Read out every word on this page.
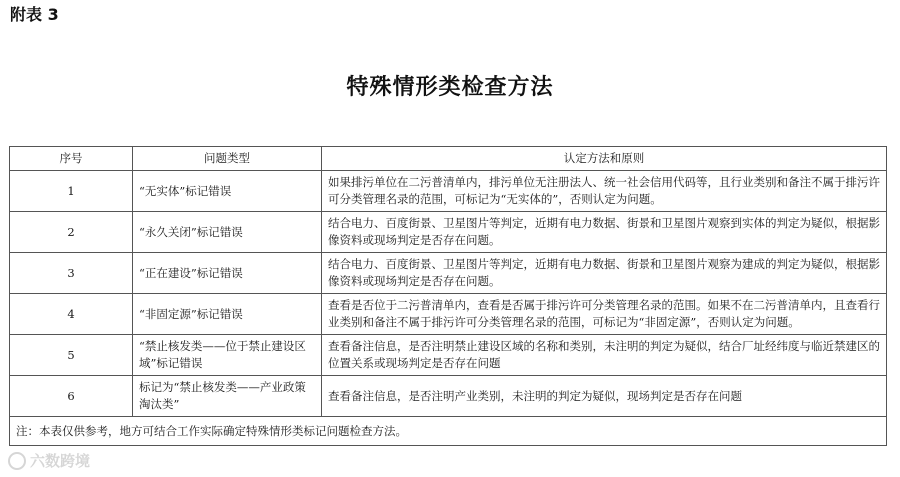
附表 3
特殊情形类检查方法
序号	问题类型	认定方法和原则
1	“无实体”标记错误	如果排污单位在二污普清单内，排污单位无注册法人、统一社会信用代码等，且行业类别和备注不属于排污许可分类管理名录的范围，可标记为“无实体的”，否则认定为问题。
2	“永久关闭”标记错误	结合电力、百度街景、卫星图片等判定，近期有电力数据、街景和卫星图片观察到实体的判定为疑似，根据影像资料或现场判定是否存在问题。
3	“正在建设”标记错误	结合电力、百度街景、卫星图片等判定，近期有电力数据、街景和卫星图片观察为建成的判定为疑似，根据影像资料或现场判定是否存在问题。
4	“非固定源”标记错误	查看是否位于二污普清单内，查看是否属于排污许可分类管理名录的范围。如果不在二污普清单内，且查看行业类别和备注不属于排污许可分类管理名录的范围，可标记为“非固定源”，否则认定为问题。
5	“禁止核发类——位于禁止建设区域”标记错误	查看备注信息，是否注明禁止建设区域的名称和类别，未注明的判定为疑似，结合厂址经纬度与临近禁建区的位置关系或现场判定是否存在问题
6	标记为“禁止核发类——产业政策淘汰类”	查看备注信息，是否注明产业类别，未注明的判定为疑似，现场判定是否存在问题
注：本表仅供参考，地方可结合工作实际确定特殊情形类标记问题检查方法。		
六数跨境
